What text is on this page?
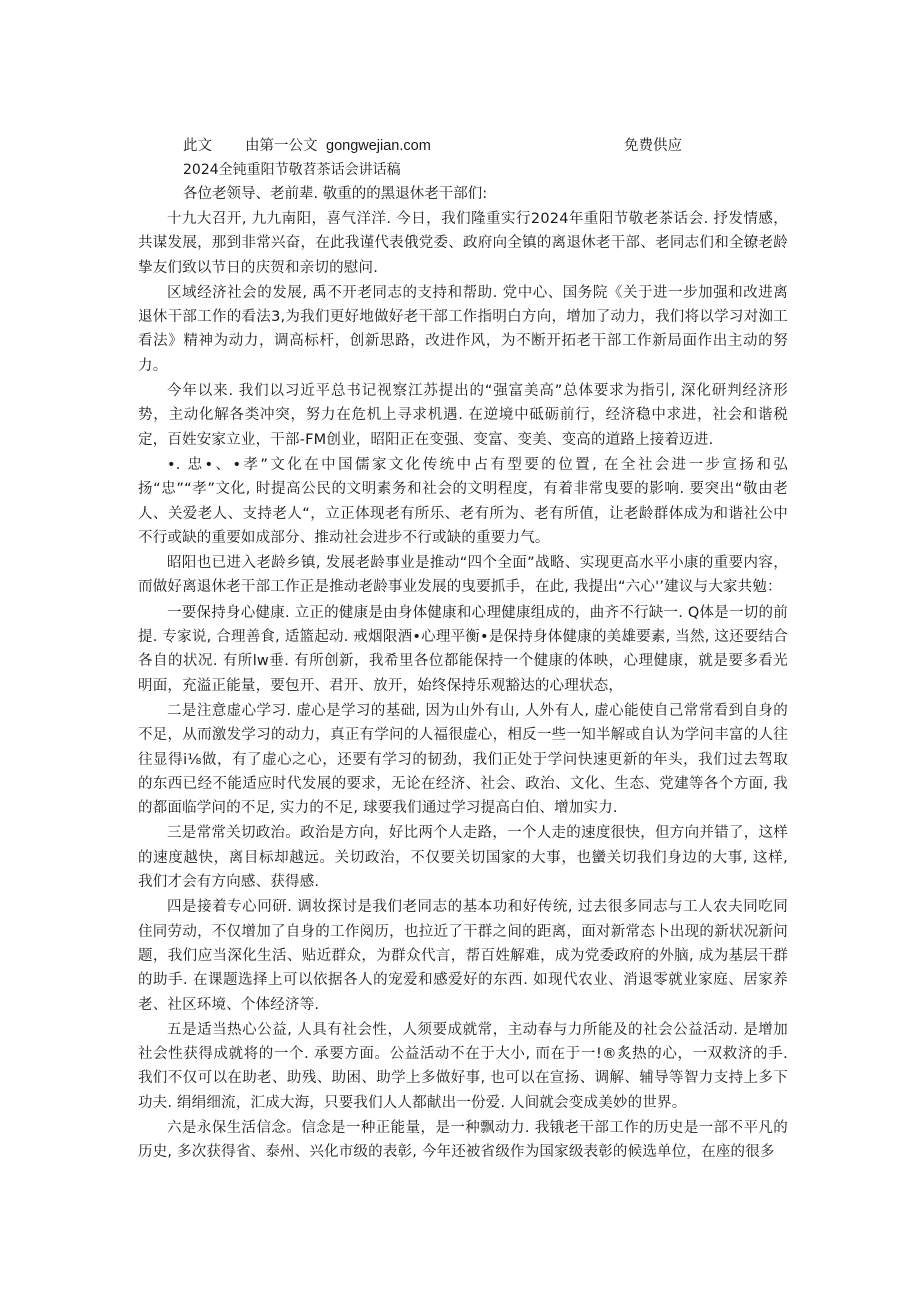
此文 由第一公文 gongwejian.com	免费供应
2024全钝重阳节敬苕茶话会讲话稿
各位老领导、老前辈. 敬重的的黑退休老干部们:

十九大召开, 九九南阳，喜气洋洋. 今日，我们隆重实行2024年重阳节敬老茶话会. 抒发情感，共谋发展，那到非常兴奋，在此我谨代表俄党委、政府向全镇的离退休老干部、老同志们和全镣老龄挚友们致以节日的庆贺和亲切的慰问.

区域经济社会的发展, 禹不开老同志的支持和帮助. 党中心、国务院《关于进一步加强和改进离退休干部工作的看法3,为我们更好地做好老干部工作指明白方向，增加了动力，我们将以学习对洳工看法》精神为动力，调高标杆，创新思路，改进作风，为不断开拓老干部工作新局面作出主动的努力。

今年以来. 我们以习近平总书记视察江苏提出的“强富美高”总体要求为指引, 深化研判经济形势，主动化解各类冲突，努力在危机上寻求机遇. 在逆境中砥砺前行，经济稳中求进，社会和谐税定，百姓安家立业，干部-FM创业，昭阳正在变强、变富、变美、变高的道路上接着迈进.

•. 忠•、•孝”文化在中国儒家文化传统中占有型要的位置, 在全社会进一步宣扬和弘扬“忠”“孝”文化, 时提高公民的文明素务和社会的文明程度，有着非常曳要的影响. 要突出“敬由老人、关爱老人、支持老人“，立正体现老有所乐、老有所为、老有所值，让老龄群体成为和谐社公中不行或缺的重要如成部分、推动社会进步不行或缺的重要力气。

昭阳也已进入老龄乡镇, 发展老龄事业是推动“四个全面”战略、实现更高水平小康的重要内容，而做好离退休老干部工作正是推动老龄事业发展的曳要抓手，在此, 我提出“六心'’建议与大家共勉：

一要保持身心健康. 立正的健康是由身体健康和心理健康组成的，曲齐不行缺一. Q体是一切的前提. 专家说, 合理善食, 适篮起动. 戒烟限酒•心理平衡•是保持身体健康的美雄要素, 当然, 这还要结合各自的状况. 有所lw垂. 有所创新，我希里各位都能保持一个健康的体映，心理健康，就是要多看光明面，充溢正能量，要包开、君开、放开，始终保持乐观豁达的心理状态，

二是注意虚心学习. 虚心是学习的基础, 因为山外有山, 人外有人, 虚心能使自己常常看到自身的不足，从而激发学习的动力，真正有学问的人福很虚心，相反一些一知半解或自认为学问丰富的人往往显得i⅛做，有了虚心之心，还要有学习的韧劲，我们正处于学问快速更新的年头，我们过去驾取的东西已经不能适应时代发展的要求，无论在经济、社会、政治、文化、生态、党建等各个方面, 我的都面临学问的不足, 实力的不足, 球要我们通过学习提高白伯、增加实力.

三是常常关切政治。政治是方向，好比两个人走路，一个人走的速度很快，但方向并错了，这样的速度越快，离目标却越远。关切政治，不仅要关切国家的大事，也蠻关切我们身边的大事, 这样, 我们才会有方向感、获得感.

四是接着专心冋研. 调妆探讨是我们老同志的基本功和好传统, 过去很多同志与工人农夫同吃同住同劳动，不仅增加了自身的工作阅历，也拉近了干群之间的距离，面对新常态卜出现的新状况新问题，我们应当深化生活、贴近群众，为群众代言，帮百姓解难，成为党委政府的外脑, 成为基层干群的助手. 在课题选择上可以依据各人的宠爱和感爱好的东西. 如现代农业、消退零就业家庭、居家养老、社区环境、个体经济等.

五是适当热心公益, 人具有社会性，人须要成就常，主动春与力所能及的社会公益活动. 是增加社会性获得成就将的一个. 承要方面。公益活动不在于大小, 而在于一!®炙热的心，一双救济的手. 我们不仅可以在助老、助残、助困、助学上多做好事, 也可以在宣扬、调解、辅导等智力支持上多下功夫. 绢绢细流，汇成大海，只要我们人人都献出一份爱. 人间就会变成美妙的世界。

六是永保生活信念。信念是一种正能量，是一种飘动力. 我锇老干部工作的历史是一部不平凡的历史, 多次获得省、泰州、兴化市级的表彰, 今年还被省级作为国家级表彰的候选单位，在座的很多
